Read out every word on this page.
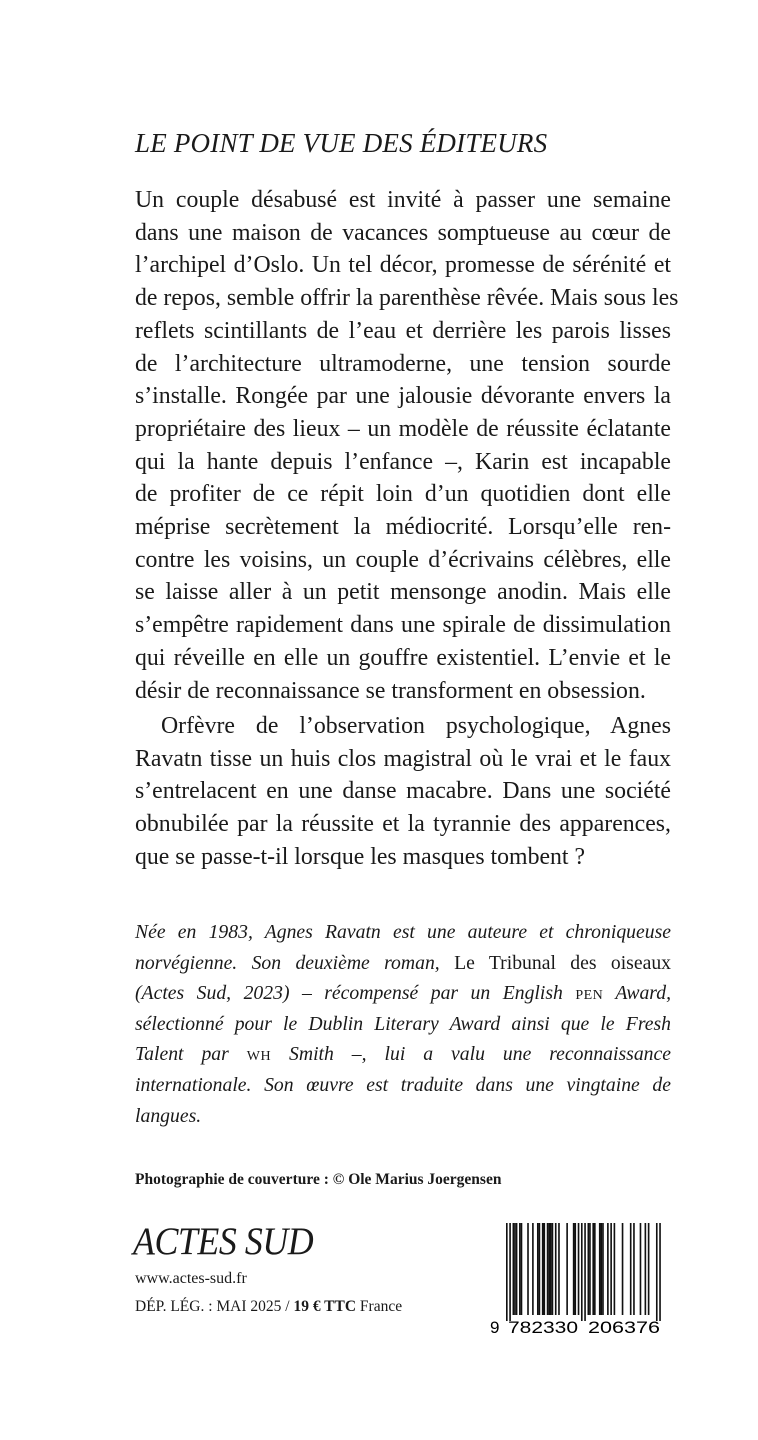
LE POINT DE VUE DES ÉDITEURS
Un couple désabusé est invité à passer une semaine
dans une maison de vacances somptueuse au cœur de
l’archipel d’Oslo. Un tel décor, promesse de sérénité et
de repos, semble offrir la parenthèse rêvée. Mais sous les
reflets scintillants de l’eau et derrière les parois lisses
de l’architecture ultramoderne, une tension sourde
s’installe. Rongée par une jalousie dévorante envers la
propriétaire des lieux – un modèle de réussite éclatante
qui la hante depuis l’enfance –, Karin est incapable
de profiter de ce répit loin d’un quotidien dont elle
méprise secrètement la médiocrité. Lorsqu’elle ren-
contre les voisins, un couple d’écrivains célèbres, elle
se laisse aller à un petit mensonge anodin. Mais elle
s’empêtre rapidement dans une spirale de dissimulation
qui réveille en elle un gouffre existentiel. L’envie et le
désir de reconnaissance se transforment en obsession.
Orfèvre de l’observation psychologique, Agnes
Ravatn tisse un huis clos magistral où le vrai et le faux
s’entrelacent en une danse macabre. Dans une société
obnubilée par la réussite et la tyrannie des apparences,
que se passe-t-il lorsque les masques tombent ?
Née en 1983, Agnes Ravatn est une auteure et chroniqueuse
norvégienne. Son deuxième roman, Le Tribunal des oiseaux
(Actes Sud, 2023) – récompensé par un English pen Award,
sélectionné pour le Dublin Literary Award ainsi que le Fresh
Talent par wh Smith –, lui a valu une reconnaissance
internationale. Son œuvre est traduite dans une vingtaine de
langues.
Photographie de couverture : © Ole Marius Joergensen
ACTES SUD
www.actes-sud.fr
DÉP. LÉG. : MAI 2025 / 19 € TTC France
9 782330 206376
